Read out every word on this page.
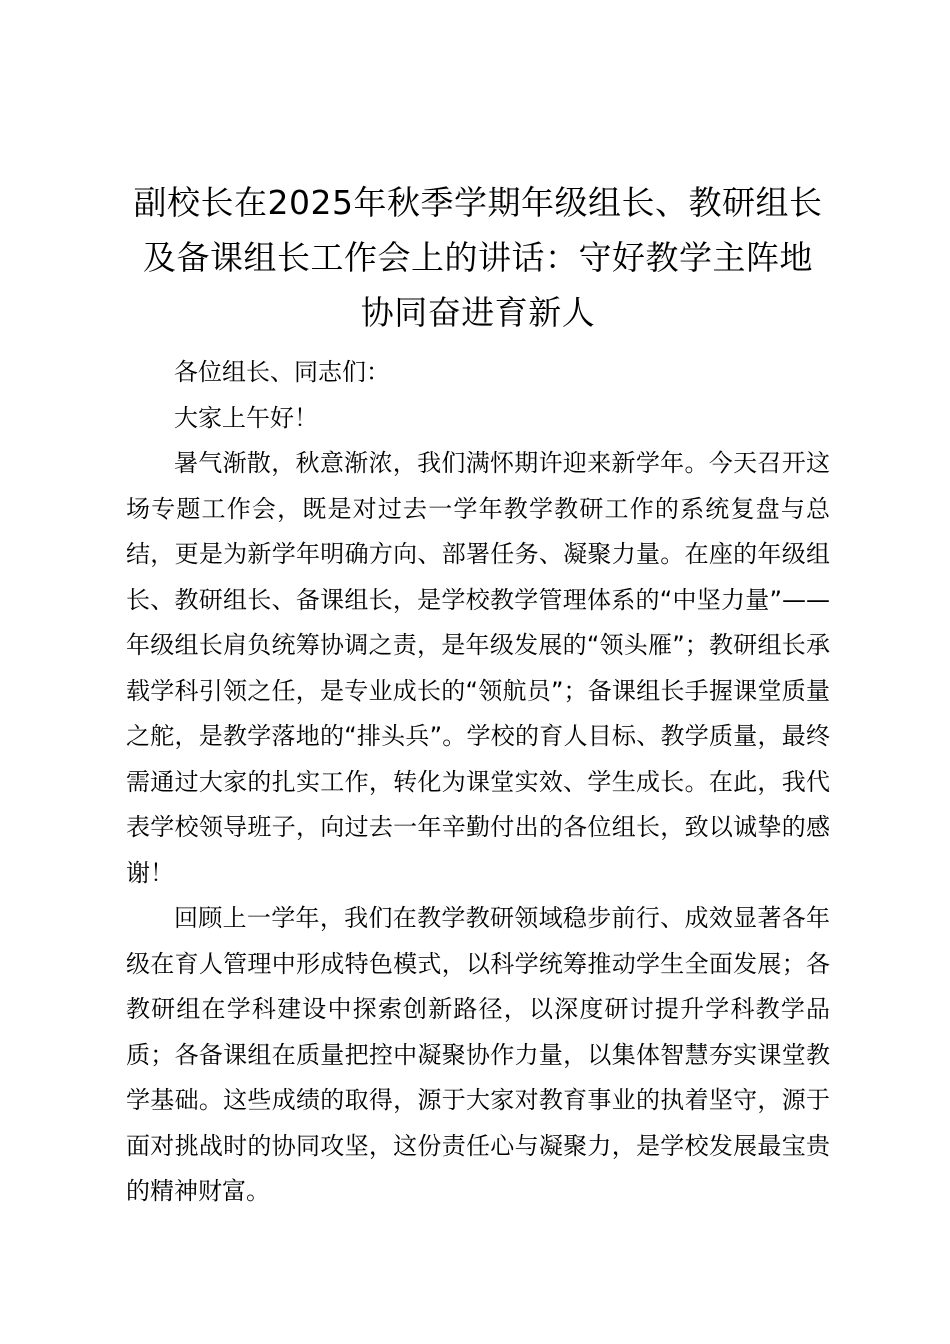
副校长在2025年秋季学期年级组长、教研组长及备课组长工作会上的讲话：守好教学主阵地 协同奋进育新人

各位组长、同志们：

大家上午好！

暑气渐散，秋意渐浓，我们满怀期许迎来新学年。今天召开这场专题工作会，既是对过去一学年教学教研工作的系统复盘与总结，更是为新学年明确方向、部署任务、凝聚力量。在座的年级组长、教研组长、备课组长，是学校教学管理体系的“中坚力量”——年级组长肩负统筹协调之责，是年级发展的“领头雁”；教研组长承载学科引领之任，是专业成长的“领航员”；备课组长手握课堂质量之舵，是教学落地的“排头兵”。学校的育人目标、教学质量，最终需通过大家的扎实工作，转化为课堂实效、学生成长。在此，我代表学校领导班子，向过去一年辛勤付出的各位组长，致以诚挚的感谢！

回顾上一学年，我们在教学教研领域稳步前行、成效显著各年级在育人管理中形成特色模式，以科学统筹推动学生全面发展；各教研组在学科建设中探索创新路径，以深度研讨提升学科教学品质；各备课组在质量把控中凝聚协作力量，以集体智慧夯实课堂教学基础。这些成绩的取得，源于大家对教育事业的执着坚守，源于面对挑战时的协同攻坚，这份责任心与凝聚力，是学校发展最宝贵的精神财富。
